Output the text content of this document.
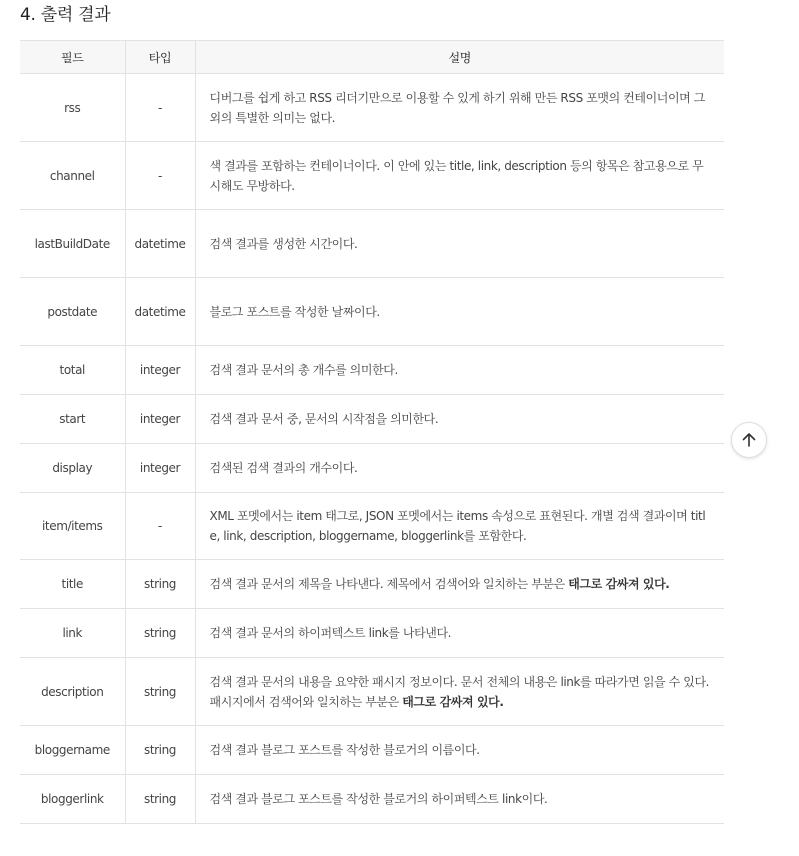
4. 출력 결과
필드	타입	설명
rss	-	디버그를 쉽게 하고 RSS 리더기만으로 이용할 수 있게 하기 위해 만든 RSS 포맷의 컨테이너이며 그 외의 특별한 의미는 없다.
channel	-	색 결과를 포함하는 컨테이너이다. 이 안에 있는 title, link, description 등의 항목은 참고용으로 무시해도 무방하다.
lastBuildDate	datetime	검색 결과를 생성한 시간이다.
postdate	datetime	블로그 포스트를 작성한 날짜이다.
total	integer	검색 결과 문서의 총 개수를 의미한다.
start	integer	검색 결과 문서 중, 문서의 시작점을 의미한다.
display	integer	검색된 검색 결과의 개수이다.
item/items	-	XML 포멧에서는 item 태그로, JSON 포멧에서는 items 속성으로 표현된다. 개별 검색 결과이며 title, link, description, bloggername, bloggerlink를 포함한다.
title	string	검색 결과 문서의 제목을 나타낸다. 제목에서 검색어와 일치하는 부분은 태그로 감싸져 있다.
link	string	검색 결과 문서의 하이퍼텍스트 link를 나타낸다.
description	string	검색 결과 문서의 내용을 요약한 패시지 정보이다. 문서 전체의 내용은 link를 따라가면 읽을 수 있다. 패시지에서 검색어와 일치하는 부분은 태그로 감싸져 있다.
bloggername	string	검색 결과 블로그 포스트를 작성한 블로거의 이름이다.
bloggerlink	string	검색 결과 블로그 포스트를 작성한 블로거의 하이퍼텍스트 link이다.
